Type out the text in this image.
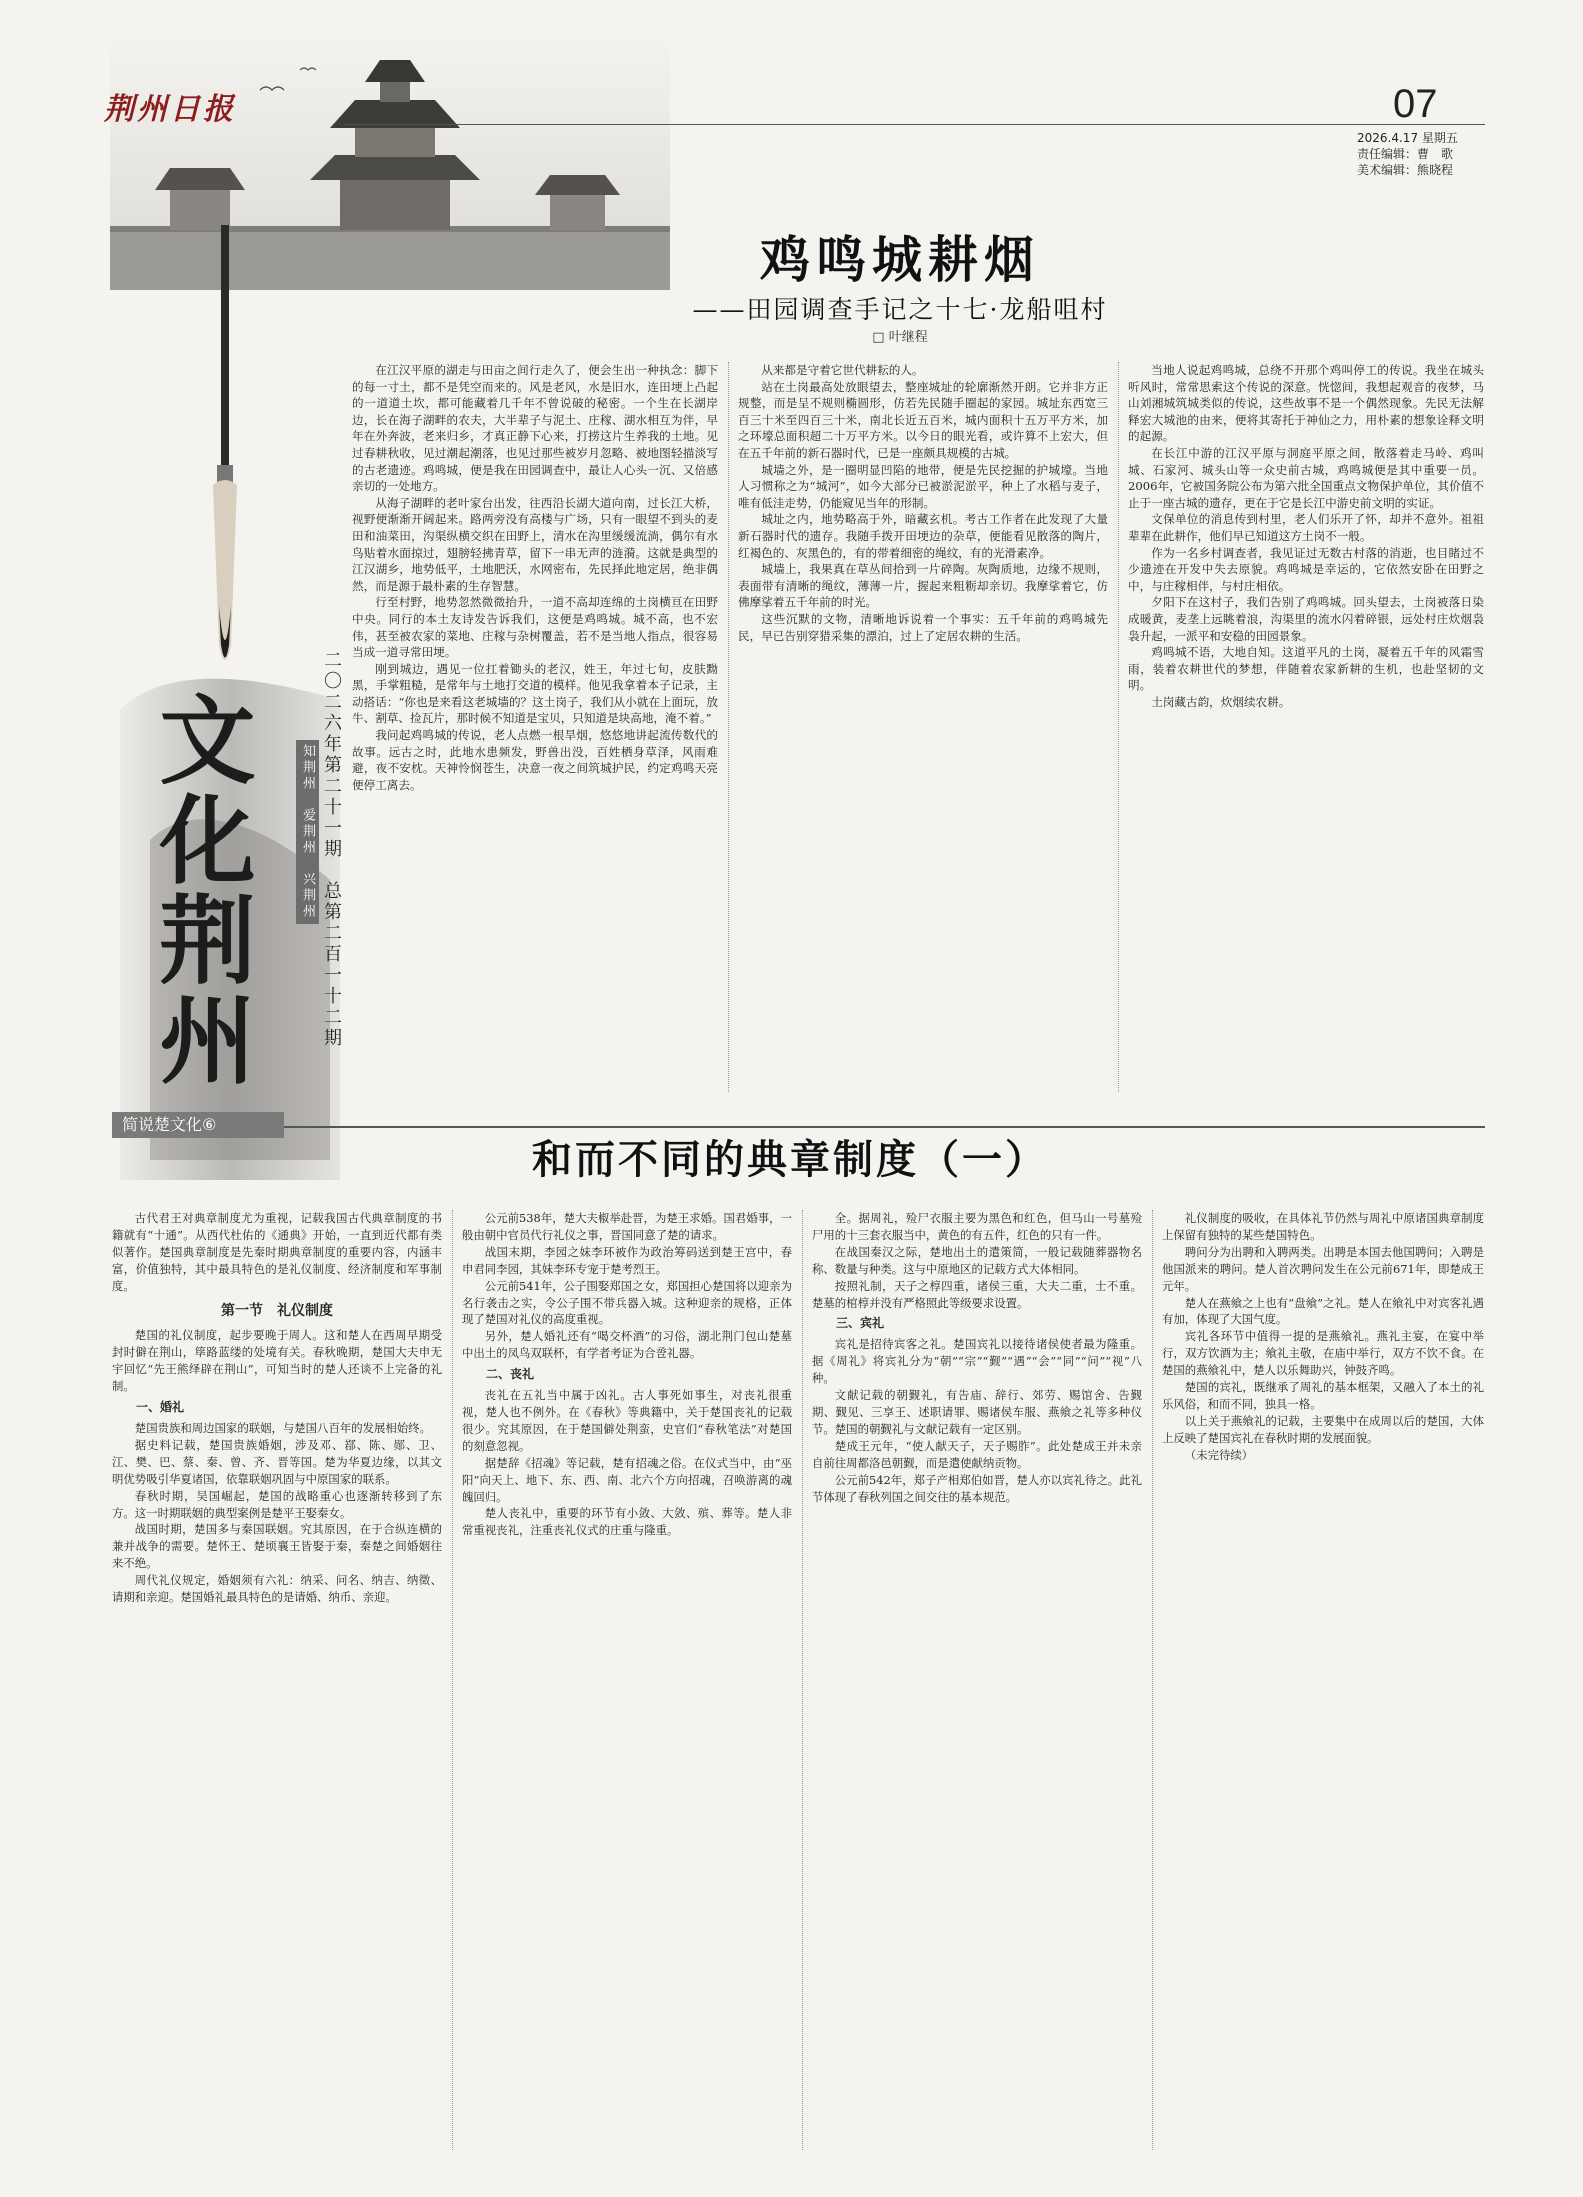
荆州日报	07
2026.4.17 星期五
责任编辑：曹　歌
美术编辑：熊晓程
文化荆州	二〇二六年第二十一期　总第二百一十二期
知荆州　爱荆州　兴荆州
鸡鸣城耕烟
——田园调查手记之十七·龙船咀村
□ 叶继程

在江汉平原的湖走与田亩之间行走久了，便会生出一种执念：脚下的每一寸土，都不是凭空而来的。风是老风，水是旧水，连田埂上凸起的一道道土坎，都可能藏着几千年不曾说破的秘密。一个生在长湖岸边，长在海子湖畔的农夫，大半辈子与泥土、庄稼、湖水相互为伴，早年在外奔波，老来归乡，才真正静下心来，打捞这片生养我的土地。见过春耕秋收，见过潮起潮落，也见过那些被岁月忽略、被地图轻描淡写的古老遗迹。鸡鸣城，便是我在田园调查中，最让人心头一沉、又倍感亲切的一处地方。

从海子湖畔的老叶家台出发，往西沿长湖大道向南，过长江大桥，视野便渐渐开阔起来。路两旁没有高楼与广场，只有一眼望不到头的麦田和油菜田，沟渠纵横交织在田野上，清水在沟里缓缓流淌，偶尔有水鸟贴着水面掠过，翅膀轻拂青草，留下一串无声的涟漪。这就是典型的江汉湖乡，地势低平，土地肥沃，水网密布，先民择此地定居，绝非偶然，而是源于最朴素的生存智慧。

行至村野，地势忽然微微抬升，一道不高却连绵的土岗横亘在田野中央。同行的本土友诗发告诉我们，这便是鸡鸣城。城不高，也不宏伟，甚至被农家的菜地、庄稼与杂树覆盖，若不是当地人指点，很容易当成一道寻常田埂。

刚到城边，遇见一位扛着锄头的老汉，姓王，年过七旬，皮肤黝黑，手掌粗糙，是常年与土地打交道的模样。他见我拿着本子记录，主动搭话：“你也是来看这老城墙的？这土岗子，我们从小就在上面玩，放牛、割草、捡瓦片，那时候不知道是宝贝，只知道是块高地，淹不着。”

我问起鸡鸣城的传说，老人点燃一根旱烟，悠悠地讲起流传数代的故事。远古之时，此地水患频发，野兽出没，百姓栖身草泽，风雨难避，夜不安枕。天神怜悯苍生，决意一夜之间筑城护民，约定鸡鸣天亮便停工离去。

从来都是守着它世代耕耘的人。

站在土岗最高处放眼望去，整座城址的轮廓渐然开朗。它并非方正规整，而是呈不规则椭圆形，仿若先民随手圈起的家园。城址东西宽三百三十米至四百三十米，南北长近五百米，城内面积十五万平方米，加之环壕总面积超二十万平方米。以今日的眼光看，或许算不上宏大，但在五千年前的新石器时代，已是一座颇具规模的古城。

城墙之外，是一圈明显凹陷的地带，便是先民挖掘的护城壕。当地人习惯称之为“城河”，如今大部分已被淤泥淤平，种上了水稻与麦子，唯有低洼走势，仍能窥见当年的形制。

城址之内，地势略高于外，暗藏玄机。考古工作者在此发现了大量新石器时代的遗存。我随手拨开田埂边的杂草，便能看见散落的陶片，红褐色的、灰黑色的，有的带着细密的绳纹，有的光滑素净。

城墙上，我果真在草丛间拾到一片碎陶。灰陶质地，边缘不规则，表面带有清晰的绳纹，薄薄一片，握起来粗粝却亲切。我摩挲着它，仿佛摩挲着五千年前的时光。

这些沉默的文物，清晰地诉说着一个事实：五千年前的鸡鸣城先民，早已告别穿猎采集的漂泊，过上了定居农耕的生活。

当地人说起鸡鸣城，总绕不开那个鸡叫停工的传说。我坐在城头听风时，常常思索这个传说的深意。恍惚间，我想起观音的夜梦，马山刘湘城筑城类似的传说，这些故事不是一个偶然现象。先民无法解释宏大城池的由来，便将其寄托于神仙之力，用朴素的想象诠释文明的起源。

在长江中游的江汉平原与洞庭平原之间，散落着走马岭、鸡叫城、石家河、城头山等一众史前古城，鸡鸣城便是其中重要一员。2006年，它被国务院公布为第六批全国重点文物保护单位，其价值不止于一座古城的遗存，更在于它是长江中游史前文明的实证。

文保单位的消息传到村里，老人们乐开了怀，却并不意外。祖祖辈辈在此耕作，他们早已知道这方土岗不一般。

作为一名乡村调查者，我见证过无数古村落的消逝，也目睹过不少遗迹在开发中失去原貌。鸡鸣城是幸运的，它依然安卧在田野之中，与庄稼相伴，与村庄相依。

夕阳下在这村子，我们告别了鸡鸣城。回头望去，土岗被落日染成暖黄，麦垄上远眺着浪，沟渠里的流水闪着碎银，远处村庄炊烟袅袅升起，一派平和安稳的田园景象。

鸡鸣城不语，大地自知。这道平凡的土岗，凝着五千年的风霜雪雨，装着农耕世代的梦想，伴随着农家新耕的生机，也赴坚韧的文明。

土岗藏古韵，炊烟续农耕。

简说楚文化⑥
和而不同的典章制度（一）

古代君王对典章制度尤为重视，记载我国古代典章制度的书籍就有“十通”。从西代杜佑的《通典》开始，一直到近代都有类似著作。楚国典章制度是先秦时期典章制度的重要内容，内涵丰富，价值独特，其中最具特色的是礼仪制度、经济制度和军事制度。

第一节　礼仪制度

楚国的礼仪制度，起步要晚于周人。这和楚人在西周早期受封时僻在荆山，筚路蓝缕的处境有关。春秋晚期，楚国大夫申无宇回忆“先王熊绎辟在荆山”，可知当时的楚人还谈不上完备的礼制。

一、婚礼

楚国贵族和周边国家的联姻，与楚国八百年的发展相始终。

据史料记载，楚国贵族婚姻，涉及邓、鄀、陈、郧、卫、江、樊、巴、蔡、秦、曾、齐、晋等国。楚为华夏边缘，以其文明优势吸引华夏诸国，依靠联姻巩固与中原国家的联系。

春秋时期，吴国崛起，楚国的战略重心也逐渐转移到了东方。这一时期联姻的典型案例是楚平王娶秦女。

战国时期，楚国多与秦国联姻。究其原因，在于合纵连横的兼并战争的需要。楚怀王、楚顷襄王皆娶于秦，秦楚之间婚姻往来不绝。

周代礼仪规定，婚姻须有六礼：纳采、问名、纳吉、纳徵、请期和亲迎。楚国婚礼最具特色的是请婚、纳币、亲迎。

公元前538年，楚大夫椒举赴晋，为楚王求婚。国君婚事，一般由朝中官员代行礼仪之事，晋国同意了楚的请求。

战国末期，李园之妹李环被作为政治筹码送到楚王宫中，春申君同李园，其妹李环专宠于楚考烈王。

公元前541年，公子围娶郑国之女，郑国担心楚国将以迎亲为名行袭击之实，令公子围不带兵器入城。这种迎亲的规格，正体现了楚国对礼仪的高度重视。

另外，楚人婚礼还有“喝交杯酒”的习俗，湖北荆门包山楚墓中出土的凤鸟双联杯，有学者考证为合卺礼器。

二、丧礼

丧礼在五礼当中属于凶礼。古人事死如事生，对丧礼很重视，楚人也不例外。在《春秋》等典籍中，关于楚国丧礼的记载很少。究其原因，在于楚国僻处荆蛮，史官们“春秋笔法”对楚国的刻意忽视。

据楚辞《招魂》等记载，楚有招魂之俗。在仪式当中，由“巫阳”向天上、地下、东、西、南、北六个方向招魂，召唤游离的魂魄回归。

楚人丧礼中，重要的环节有小敛、大敛、殡、葬等。楚人非常重视丧礼，注重丧礼仪式的庄重与隆重。

全。据周礼，殓尸衣服主要为黑色和红色，但马山一号墓殓尸用的十三套衣服当中，黄色的有五件，红色的只有一件。

在战国秦汉之际，楚地出土的遣策简，一般记载随葬器物名称、数量与种类。这与中原地区的记载方式大体相同。

按照礼制，天子之椁四重，诸侯三重，大夫二重，士不重。楚墓的棺椁并没有严格照此等级要求设置。

三、宾礼

宾礼是招待宾客之礼。楚国宾礼以接待诸侯使者最为隆重。据《周礼》将宾礼分为“朝”“宗”“觐”“遇”“会”“同”“问”“视”八种。

文献记载的朝觐礼，有告庙、辞行、郊劳、赐馆舍、告觐期、觐见、三享王、述职请罪、赐诸侯车服、燕飨之礼等多种仪节。楚国的朝觐礼与文献记载有一定区别。

楚成王元年，“使人献天子，天子赐胙”。此处楚成王并未亲自前往周都洛邑朝觐，而是遣使献纳贡物。

公元前542年，郑子产相郑伯如晋，楚人亦以宾礼待之。此礼节体现了春秋列国之间交往的基本规范。

礼仪制度的吸收，在具体礼节仍然与周礼中原诸国典章制度上保留有独特的某些楚国特色。

聘问分为出聘和入聘两类。出聘是本国去他国聘问；入聘是他国派来的聘问。楚人首次聘问发生在公元前671年，即楚成王元年。

楚人在燕飨之上也有“盘飨”之礼。楚人在飨礼中对宾客礼遇有加，体现了大国气度。

宾礼各环节中值得一提的是燕飨礼。燕礼主宴，在宴中举行，双方饮酒为主；飨礼主敬，在庙中举行，双方不饮不食。在楚国的燕飨礼中，楚人以乐舞助兴，钟鼓齐鸣。

楚国的宾礼，既继承了周礼的基本框架，又融入了本土的礼乐风俗，和而不同，独具一格。

以上关于燕飨礼的记载，主要集中在成周以后的楚国，大体上反映了楚国宾礼在春秋时期的发展面貌。

（未完待续）
